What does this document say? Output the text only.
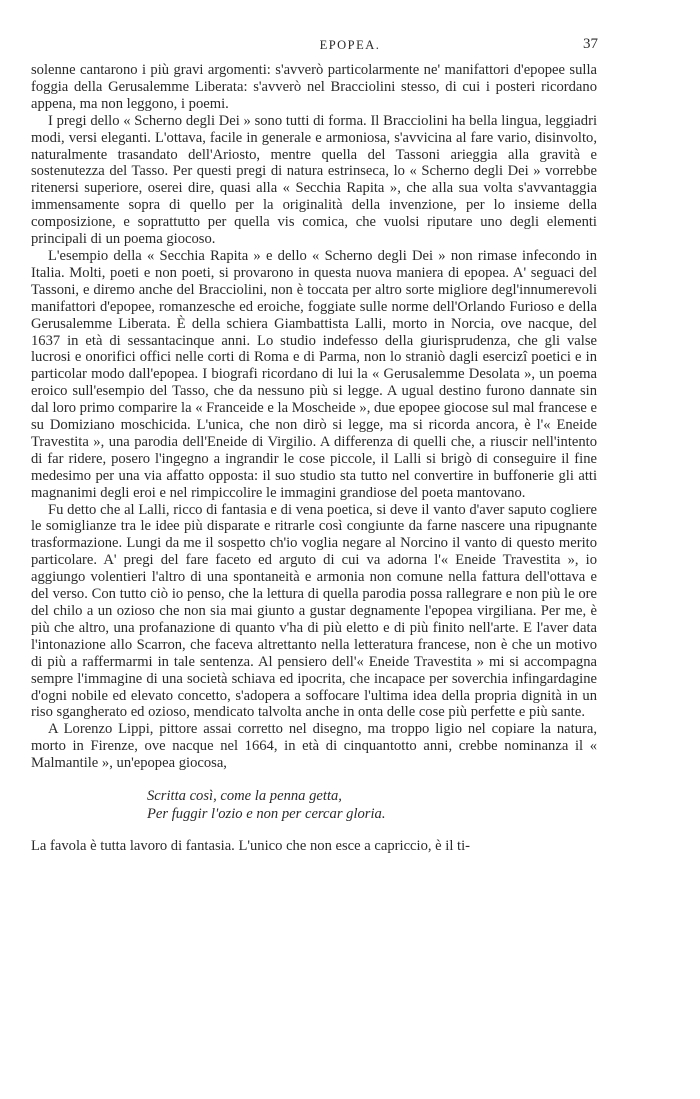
EPOPEA.	37

solenne cantarono i più gravi argomenti: s'avverò particolarmente ne' manifattori d'epopee sulla foggia della Gerusalemme Liberata: s'avverò nel Bracciolini stesso, di cui i posteri ricordano appena, ma non leggono, i poemi.

I pregi dello « Scherno degli Dei » sono tutti di forma. Il Bracciolini ha bella lingua, leggiadri modi, versi eleganti. L'ottava, facile in generale e armoniosa, s'avvicina al fare vario, disinvolto, naturalmente trasandato dell'Ariosto, mentre quella del Tassoni arieggia alla gravità e sostenutezza del Tasso. Per questi pregi di natura estrinseca, lo « Scherno degli Dei » vorrebbe ritenersi superiore, oserei dire, quasi alla « Secchia Rapita », che alla sua volta s'avvantaggia immensamente sopra di quello per la originalità della invenzione, per lo insieme della composizione, e soprattutto per quella vis comica, che vuolsi riputare uno degli elementi principali di un poema giocoso.

L'esempio della « Secchia Rapita » e dello « Scherno degli Dei » non rimase infecondo in Italia. Molti, poeti e non poeti, si provarono in questa nuova maniera di epopea. A' seguaci del Tassoni, e diremo anche del Bracciolini, non è toccata per altro sorte migliore degl'innumerevoli manifattori d'epopee, romanzesche ed eroiche, foggiate sulle norme dell'Orlando Furioso e della Gerusalemme Liberata. È della schiera Giambattista Lalli, morto in Norcia, ove nacque, del 1637 in età di sessantacinque anni. Lo studio indefesso della giurisprudenza, che gli valse lucrosi e onorifici offici nelle corti di Roma e di Parma, non lo straniò dagli esercizî poetici e in particolar modo dall'epopea. I biografi ricordano di lui la « Gerusalemme Desolata », un poema eroico sull'esempio del Tasso, che da nessuno più si legge. A ugual destino furono dannate sin dal loro primo comparire la « Franceide e la Moscheide », due epopee giocose sul mal francese e su Domiziano moschicida. L'unica, che non dirò si legge, ma si ricorda ancora, è l'« Eneide Travestita », una parodia dell'Eneide di Virgilio. A differenza di quelli che, a riuscir nell'intento di far ridere, posero l'ingegno a ingrandir le cose piccole, il Lalli si brigò di conseguire il fine medesimo per una via affatto opposta: il suo studio sta tutto nel convertire in buffonerie gli atti magnanimi degli eroi e nel rimpiccolire le immagini grandiose del poeta mantovano.

Fu detto che al Lalli, ricco di fantasia e di vena poetica, si deve il vanto d'aver saputo cogliere le somiglianze tra le idee più disparate e ritrarle così congiunte da farne nascere una ripugnante trasformazione. Lungi da me il sospetto ch'io voglia negare al Norcino il vanto di questo merito particolare. A' pregi del fare faceto ed arguto di cui va adorna l'« Eneide Travestita », io aggiungo volentieri l'altro di una spontaneità e armonia non comune nella fattura dell'ottava e del verso. Con tutto ciò io penso, che la lettura di quella parodia possa rallegrare e non più le ore del chilo a un ozioso che non sia mai giunto a gustar degnamente l'epopea virgiliana. Per me, è più che altro, una profanazione di quanto v'ha di più eletto e di più finito nell'arte. E l'aver data l'intonazione allo Scarron, che faceva altrettanto nella letteratura francese, non è che un motivo di più a raffermarmi in tale sentenza. Al pensiero dell'« Eneide Travestita » mi si accompagna sempre l'immagine di una società schiava ed ipocrita, che incapace per soverchia infingardagine d'ogni nobile ed elevato concetto, s'adopera a soffocare l'ultima idea della propria dignità in un riso sgangherato ed ozioso, mendicato talvolta anche in onta delle cose più perfette e più sante.

A Lorenzo Lippi, pittore assai corretto nel disegno, ma troppo ligio nel copiare la natura, morto in Firenze, ove nacque nel 1664, in età di cinquantotto anni, crebbe nominanza il « Malmantile », un'epopea giocosa,

Scritta così, come la penna getta,
Per fuggir l'ozio e non per cercar gloria.

La favola è tutta lavoro di fantasia. L'unico che non esce a capriccio, è il ti-
